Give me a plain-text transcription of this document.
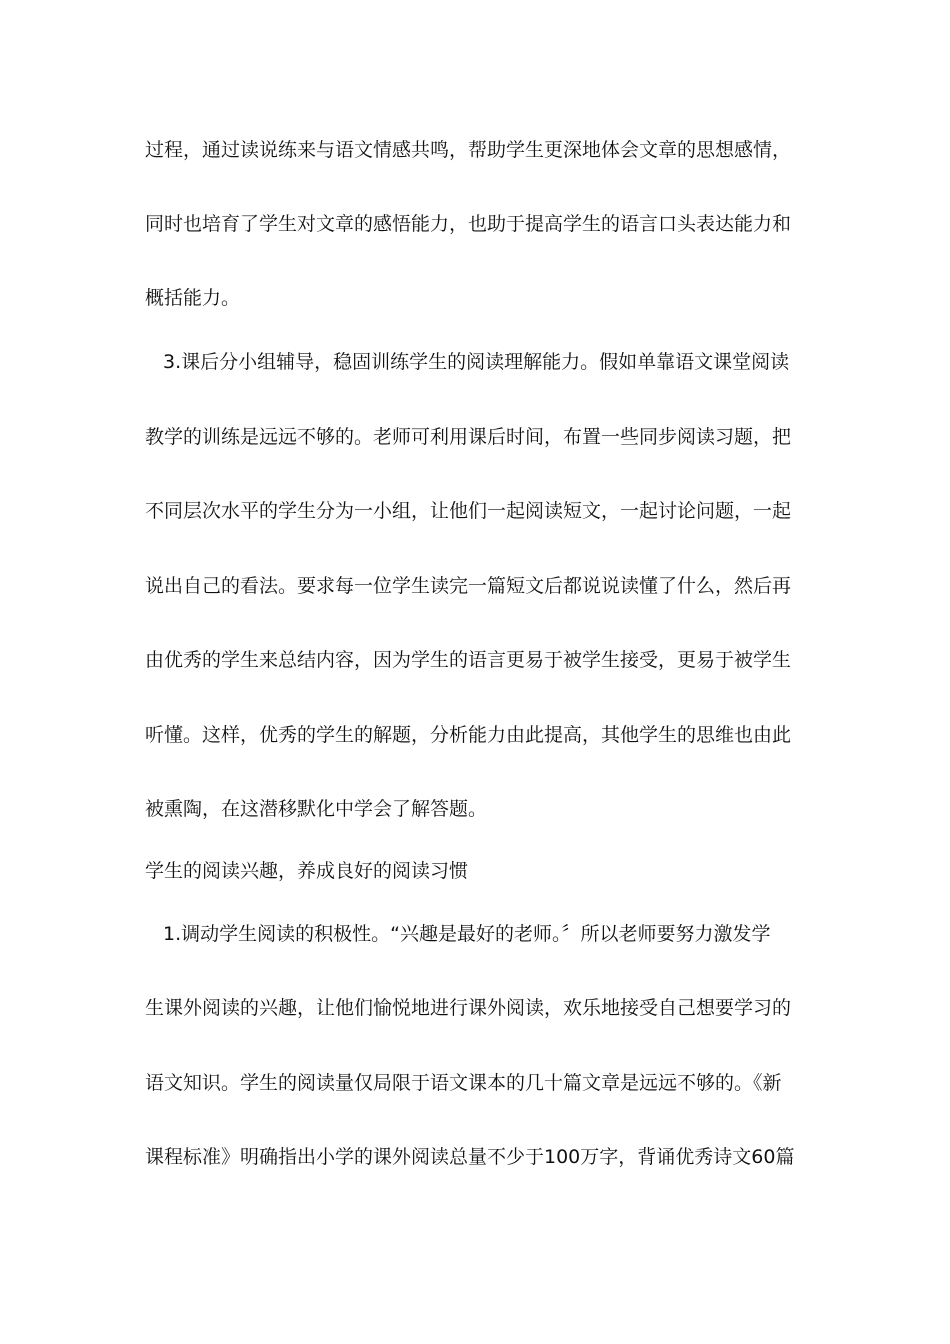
过程，通过读说练来与语文情感共鸣，帮助学生更深地体会文章的思想感情，
同时也培育了学生对文章的感悟能力，也助于提高学生的语言口头表达能力和
概括能力。
3.课后分小组辅导，稳固训练学生的阅读理解能力。假如单靠语文课堂阅读
教学的训练是远远不够的。老师可利用课后时间，布置一些同步阅读习题，把
不同层次水平的学生分为一小组，让他们一起阅读短文，一起讨论问题，一起
说出自己的看法。要求每一位学生读完一篇短文后都说说读懂了什么，然后再
由优秀的学生来总结内容，因为学生的语言更易于被学生接受，更易于被学生
听懂。这样，优秀的学生的解题，分析能力由此提高，其他学生的思维也由此
被熏陶，在这潜移默化中学会了解答题。
学生的阅读兴趣，养成良好的阅读习惯
1.调动学生阅读的积极性。“兴趣是最好的老师。〞所以老师要努力激发学
生课外阅读的兴趣，让他们愉悦地进行课外阅读，欢乐地接受自己想要学习的
语文知识。学生的阅读量仅局限于语文课本的几十篇文章是远远不够的。《新
课程标准》明确指出小学的课外阅读总量不少于100万字，背诵优秀诗文60篇
